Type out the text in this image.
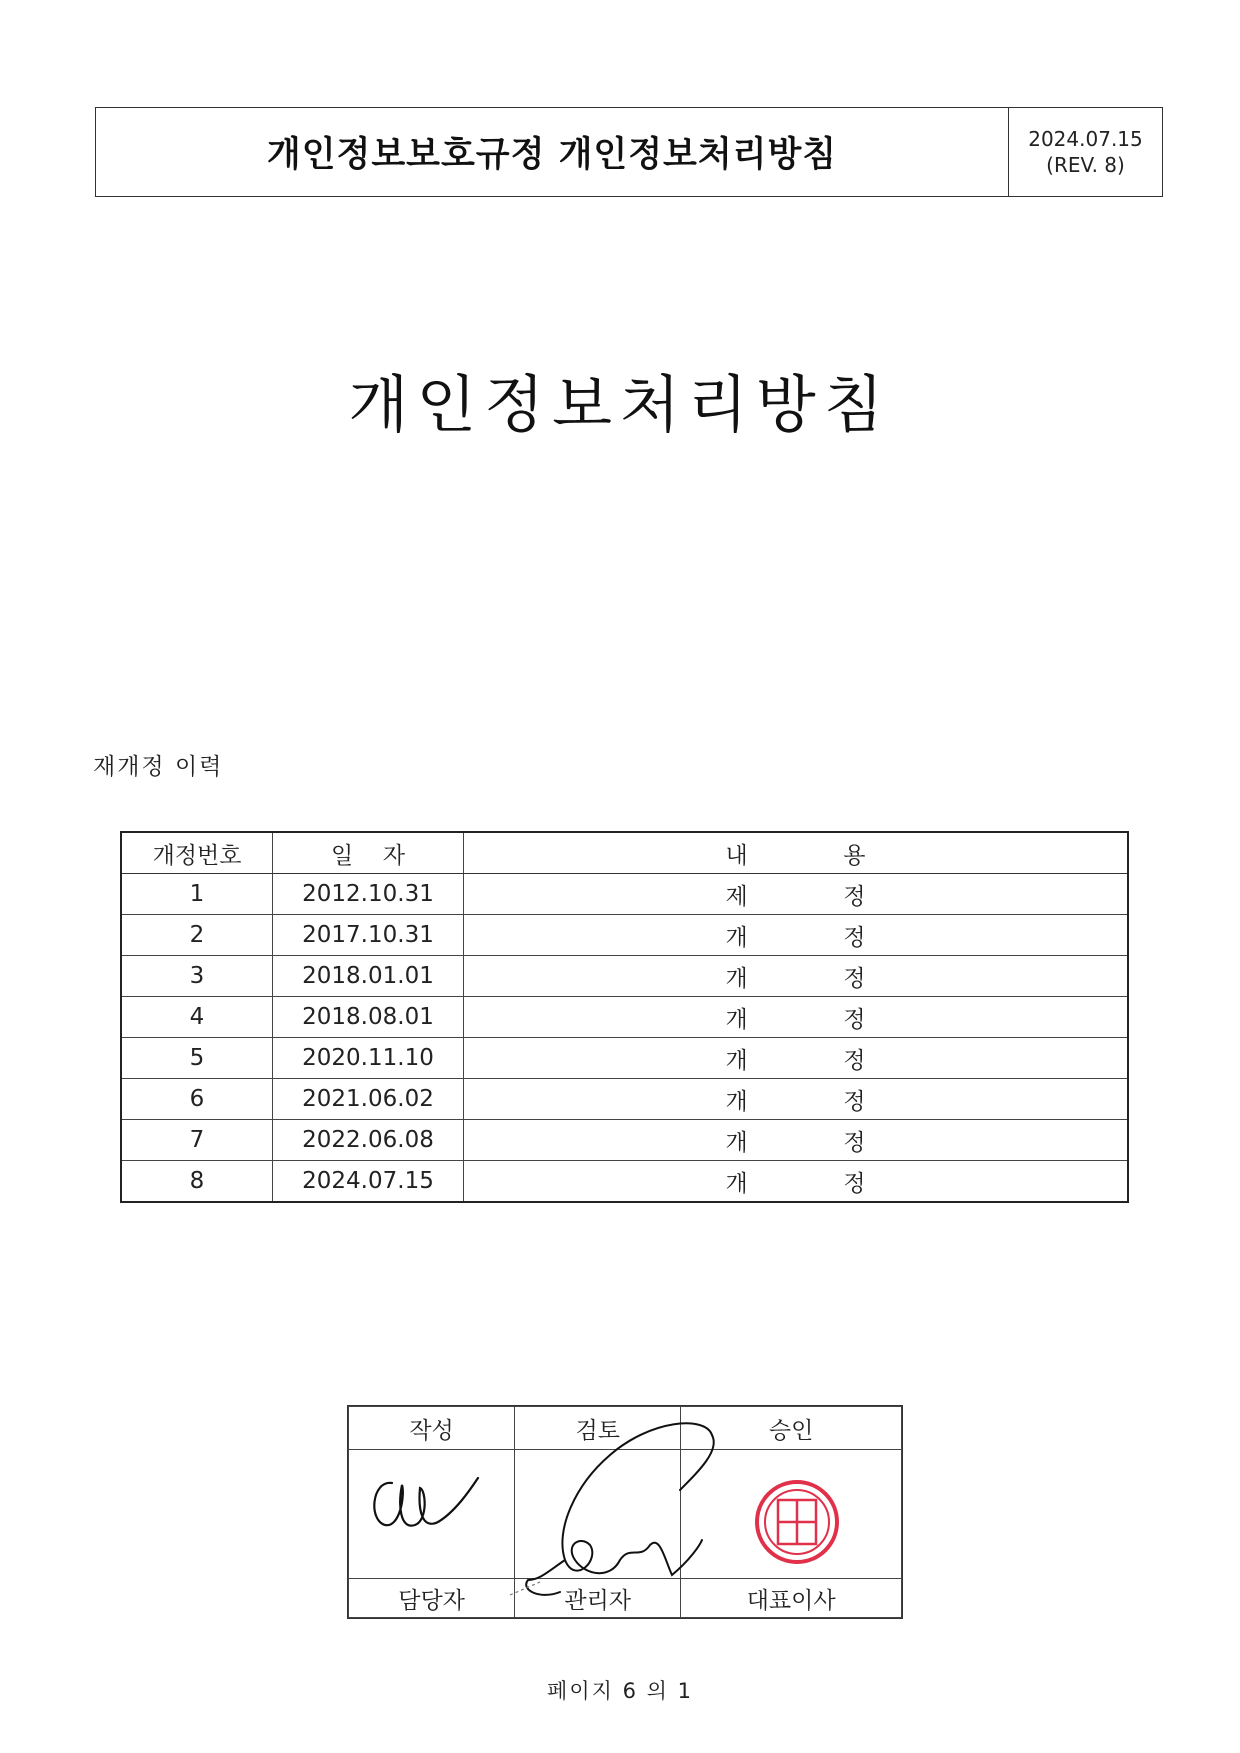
개인정보보호규정 개인정보처리방침	2024.07.15
(REV. 8)
개인정보처리방침
재개정 이력
개정번호	일 자	내 용

1	2012.10.31	제 정

2	2017.10.31	개 정

3	2018.01.01	개 정

4	2018.08.01	개 정

5	2020.11.10	개 정

6	2021.06.02	개 정

7	2022.06.08	개 정

8	2024.07.15	개 정
작성	검토	승인

담당자	관리자	대표이사
페이지 6 의 1
